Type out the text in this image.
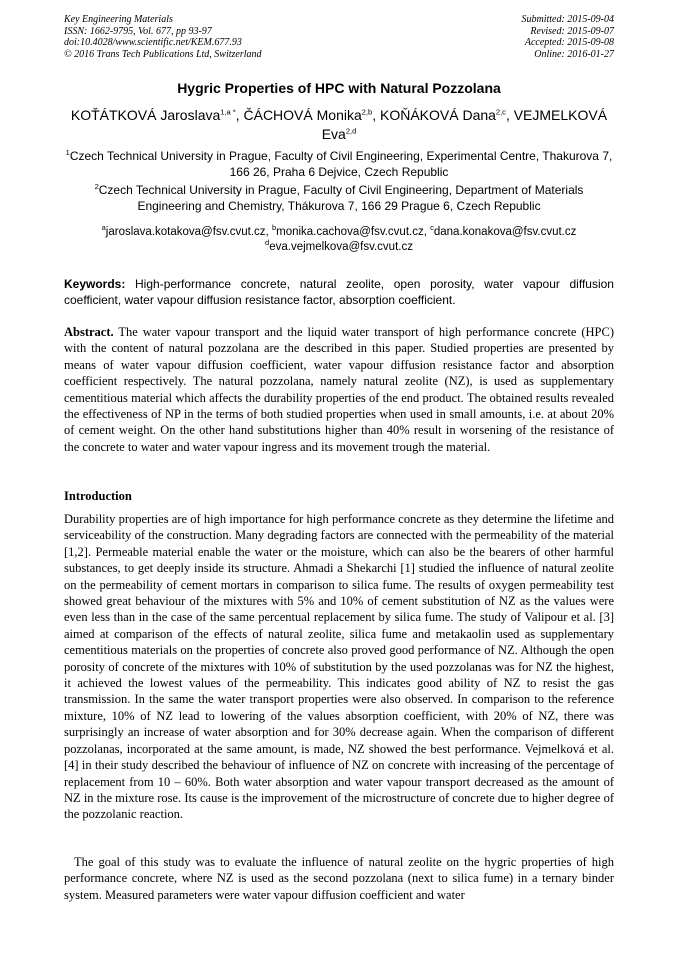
Key Engineering Materials
ISSN: 1662-9795, Vol. 677, pp 93-97
doi:10.4028/www.scientific.net/KEM.677.93
© 2016 Trans Tech Publications Ltd, Switzerland
Submitted: 2015-09-04
Revised: 2015-09-07
Accepted: 2015-09-08
Online: 2016-01-27
Hygric Properties of HPC with Natural Pozzolana
KOŤÁTKOVÁ Jaroslava$^{1,a *}$, ČÁCHOVÁ Monika$^{2,b}$, KOŇÁKOVÁ Dana$^{2,c}$, VEJMELKOVÁ Eva$^{2,d}$
$^1$Czech Technical University in Prague, Faculty of Civil Engineering, Experimental Centre, Thakurova 7, 166 26, Praha 6 Dejvice, Czech Republic
$^2$Czech Technical University in Prague, Faculty of Civil Engineering, Department of Materials Engineering and Chemistry, Thákurova 7, 166 29 Prague 6, Czech Republic
$^a$jaroslava.kotakova@fsv.cvut.cz, $^b$monika.cachova@fsv.cvut.cz, $^c$dana.konakova@fsv.cvut.cz
$^d$eva.vejmelkova@fsv.cvut.cz
Keywords: High-performance concrete, natural zeolite, open porosity, water vapour diffusion coefficient, water vapour diffusion resistance factor, absorption coefficient.
Abstract. The water vapour transport and the liquid water transport of high performance concrete (HPC) with the content of natural pozzolana are the described in this paper. Studied properties are presented by means of water vapour diffusion coefficient, water vapour diffusion resistance factor and absorption coefficient respectively. The natural pozzolana, namely natural zeolite (NZ), is used as supplementary cementitious material which affects the durability properties of the end product. The obtained results revealed the effectiveness of NP in the terms of both studied properties when used in small amounts, i.e. at about 20% of cement weight. On the other hand substitutions higher than 40% result in worsening of the resistance of the concrete to water and water vapour ingress and its movement trough the material.
Introduction

Durability properties are of high importance for high performance concrete as they determine the lifetime and serviceability of the construction. Many degrading factors are connected with the permeability of the material [1,2]. Permeable material enable the water or the moisture, which can also be the bearers of other harmful substances, to get deeply inside its structure. Ahmadi a Shekarchi [1] studied the influence of natural zeolite on the permeability of cement mortars in comparison to silica fume. The results of oxygen permeability test showed great behaviour of the mixtures with 5% and 10% of cement substitution of NZ as the values were even less than in the case of the same percentual replacement by silica fume. The study of Valipour et al. [3] aimed at comparison of the effects of natural zeolite, silica fume and metakaolin used as supplementary cementitious materials on the properties of concrete also proved good performance of NZ. Although the open porosity of concrete of the mixtures with 10% of substitution by the used pozzolanas was for NZ the highest, it achieved the lowest values of the permeability. This indicates good ability of NZ to resist the gas transmission. In the same the water transport properties were also observed. In comparison to the reference mixture, 10% of NZ lead to lowering of the values absorption coefficient, with 20% of NZ, there was surprisingly an increase of water absorption and for 30% decrease again. When the comparison of different pozzolanas, incorporated at the same amount, is made, NZ showed the best performance. Vejmelková et al. [4] in their study described the behaviour of influence of NZ on concrete with increasing of the percentage of replacement from 10 – 60%. Both water absorption and water vapour transport decreased as the amount of NZ in the mixture rose. Its cause is the improvement of the microstructure of concrete due to higher degree of the pozzolanic reaction.

The goal of this study was to evaluate the influence of natural zeolite on the hygric properties of high performance concrete, where NZ is used as the second pozzolana (next to silica fume) in a ternary binder system. Measured parameters were water vapour diffusion coefficient and water
